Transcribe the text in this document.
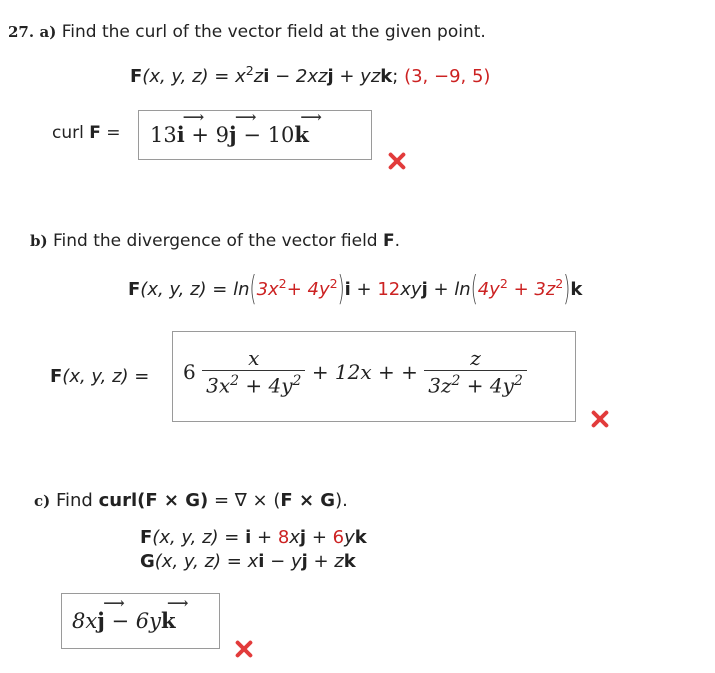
27. a) Find the curl of the vector field at the given point.
F(x, y, $z) = x^2zi - 2xzj$ + yzk; (3, −9, 5)
curl F = 13
⟶
i + 9
⟶
j − 10
⟶
k
b) Find the divergence of the vector field F.
F(x, y, $z) = \ln(3x^2+ 4y^2)i + 12xyj + \ln(4y^2 + 3z^2)k$
F(x, y, $z) = 6 \frac{x}{3x^2 + 4y^2} + 12x$ + + $\frac{z}{3z^2 + 4y^2}$
c) Find curl(F × G) = ∇ × (F × G).
F(x, y, z) = i + 8xj + 6yk
G(x, y, z) = xi − yj + zk
8x
⟶
j − 6y
⟶
k
